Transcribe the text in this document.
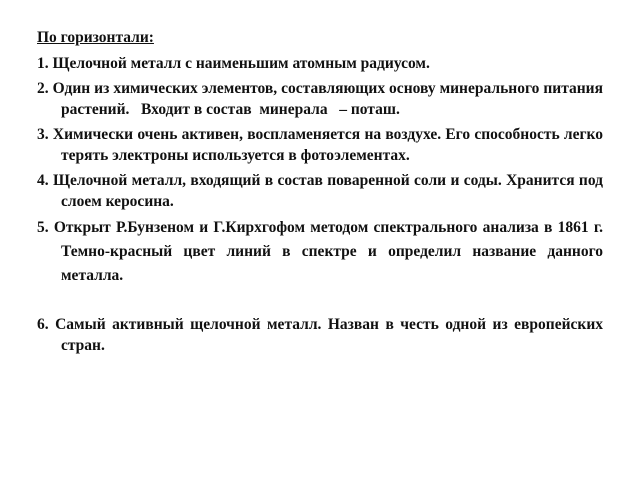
По горизонтали:

1. Щелочной металл с наименьшим атомным радиусом.

2. Один из химических элементов, составляющих основу минерального питания растений.   Входит в состав  минерала   – поташ.

3. Химически очень активен, воспламеняется на воздухе. Его способность легко терять электроны используется в фотоэлементах.

4. Щелочной металл, входящий в состав поваренной соли и соды. Хранится под слоем керосина.

5. Открыт Р.Бунзеном и Г.Кирхгофом методом спектрального анализа в 1861 г. Темно-красный цвет линий в спектре и определил название данного металла.

6. Самый активный щелочной металл. Назван в честь одной из европейских стран.
